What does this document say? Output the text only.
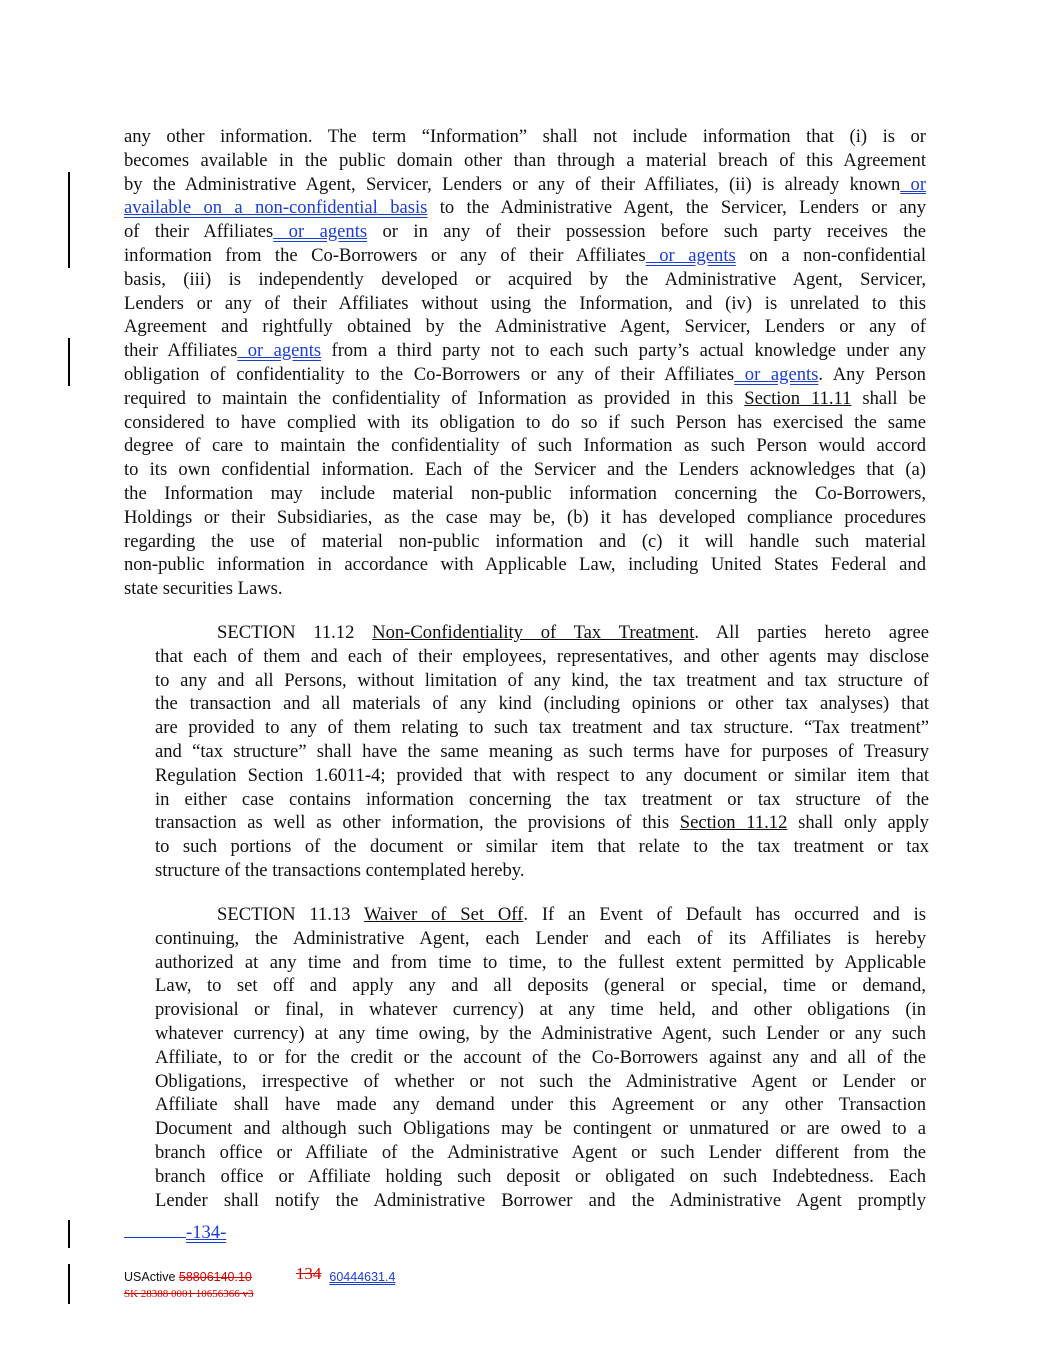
any other information. The term “Information” shall not include information that (i) is or
becomes available in the public domain other than through a material breach of this Agreement
by the Administrative Agent, Servicer, Lenders or any of their Affiliates, (ii) is already known or
available on a non-confidential basis to the Administrative Agent, the Servicer, Lenders or any
of their Affiliates or agents or in any of their possession before such party receives the
information from the Co-Borrowers or any of their Affiliates or agents on a non-confidential
basis, (iii) is independently developed or acquired by the Administrative Agent, Servicer,
Lenders or any of their Affiliates without using the Information, and (iv) is unrelated to this
Agreement and rightfully obtained by the Administrative Agent, Servicer, Lenders or any of
their Affiliates or agents from a third party not to each such party’s actual knowledge under any
obligation of confidentiality to the Co-Borrowers or any of their Affiliates or agents. Any Person
required to maintain the confidentiality of Information as provided in this Section 11.11 shall be
considered to have complied with its obligation to do so if such Person has exercised the same
degree of care to maintain the confidentiality of such Information as such Person would accord
to its own confidential information. Each of the Servicer and the Lenders acknowledges that (a)
the Information may include material non-public information concerning the Co-Borrowers,
Holdings or their Subsidiaries, as the case may be, (b) it has developed compliance procedures
regarding the use of material non-public information and (c) it will handle such material
non-public information in accordance with Applicable Law, including United States Federal and
state securities Laws.
SECTION 11.12 Non-Confidentiality of Tax Treatment. All parties hereto agree
that each of them and each of their employees, representatives, and other agents may disclose
to any and all Persons, without limitation of any kind, the tax treatment and tax structure of
the transaction and all materials of any kind (including opinions or other tax analyses) that
are provided to any of them relating to such tax treatment and tax structure. “Tax treatment”
and “tax structure” shall have the same meaning as such terms have for purposes of Treasury
Regulation Section 1.6011-4; provided that with respect to any document or similar item that
in either case contains information concerning the tax treatment or tax structure of the
transaction as well as other information, the provisions of this Section 11.12 shall only apply
to such portions of the document or similar item that relate to the tax treatment or tax
structure of the transactions contemplated hereby.
SECTION 11.13 Waiver of Set Off. If an Event of Default has occurred and is
continuing, the Administrative Agent, each Lender and each of its Affiliates is hereby
authorized at any time and from time to time, to the fullest extent permitted by Applicable
Law, to set off and apply any and all deposits (general or special, time or demand,
provisional or final, in whatever currency) at any time held, and other obligations (in
whatever currency) at any time owing, by the Administrative Agent, such Lender or any such
Affiliate, to or for the credit or the account of the Co-Borrowers against any and all of the
Obligations, irrespective of whether or not such the Administrative Agent or Lender or
Affiliate shall have made any demand under this Agreement or any other Transaction
Document and although such Obligations may be contingent or unmatured or are owed to a
branch office or Affiliate of the Administrative Agent or such Lender different from the
branch office or Affiliate holding such deposit or obligated on such Indebtedness. Each
Lender shall notify the Administrative Borrower and the Administrative Agent promptly
-134-
USActive 58806140.10	134 60444631.4
SK 28388 0001 10656366 v3
